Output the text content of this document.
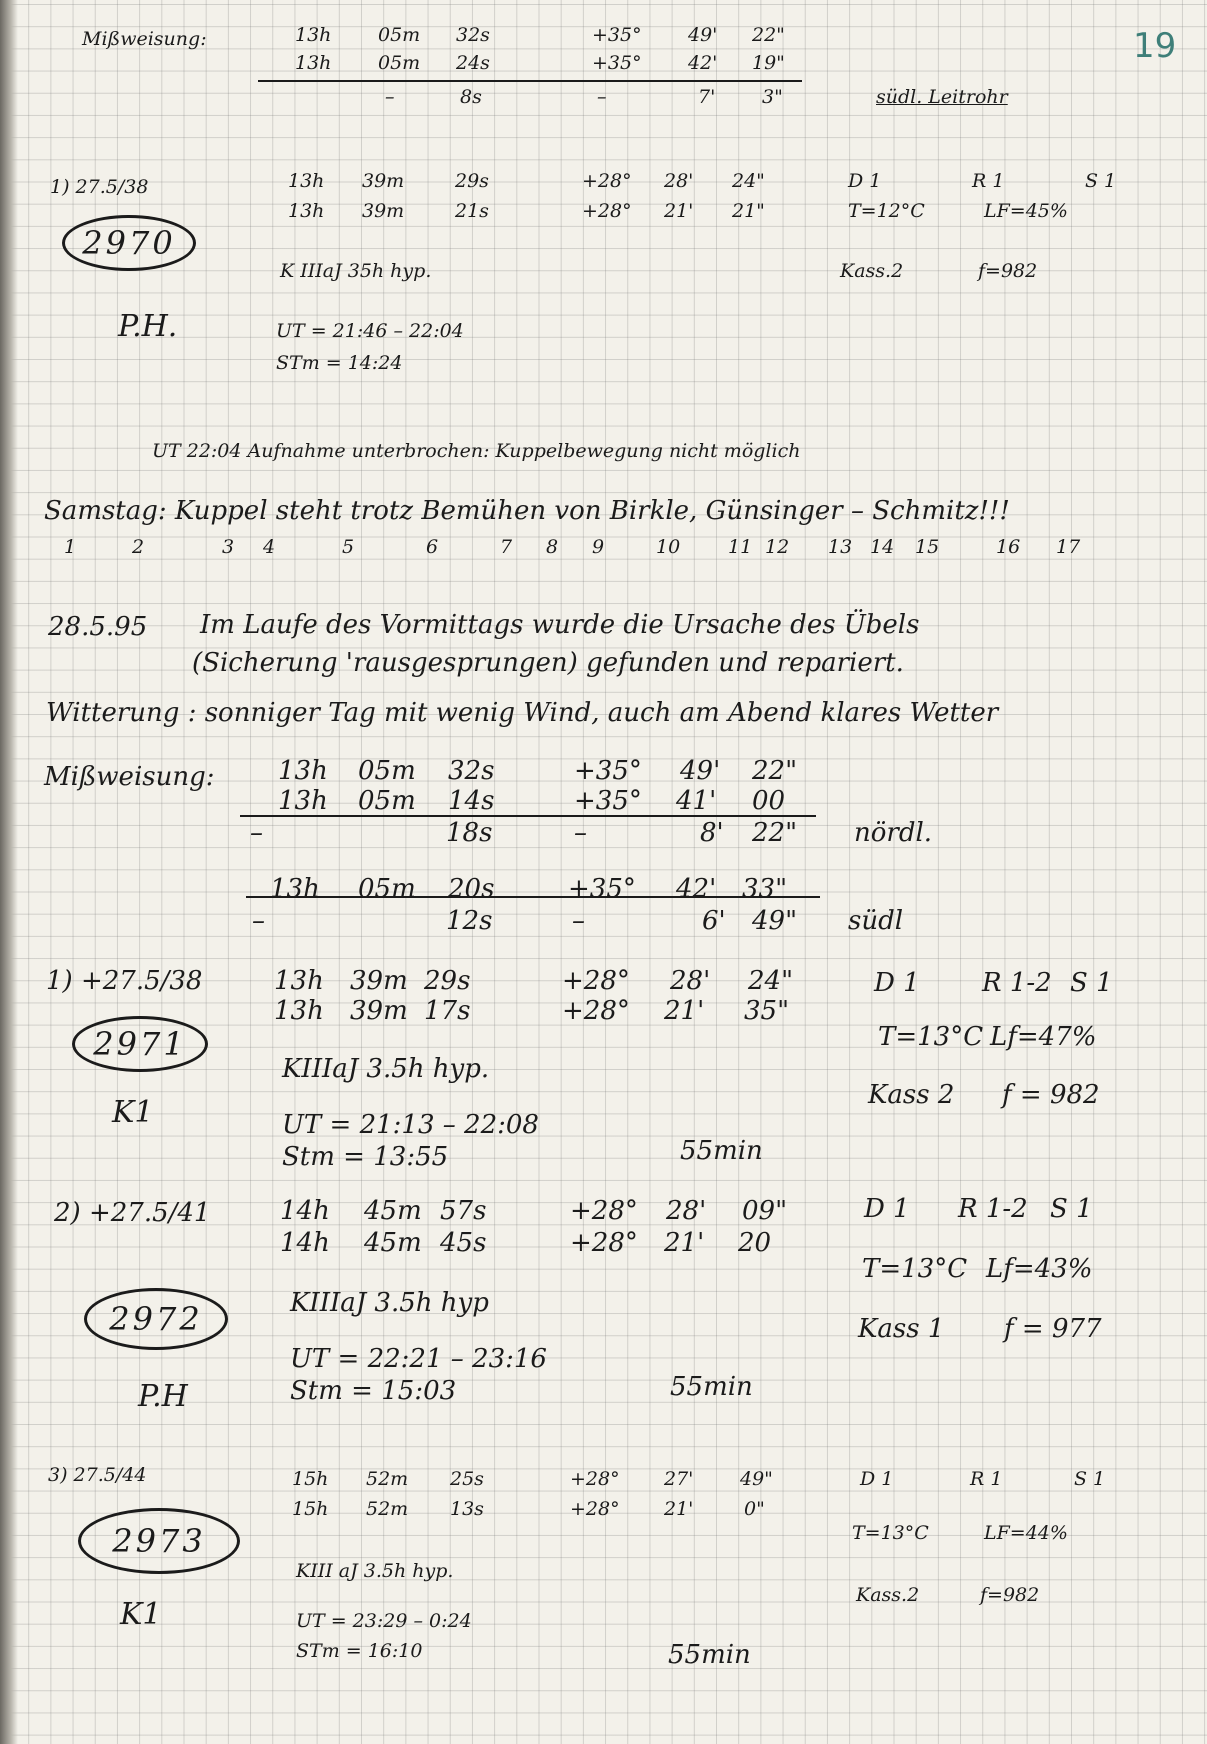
19
Mißweisung:	13h 05m 32s	+35° 49' 22"
13h 05m 24s	+35° 42' 19"
–	8s	–	7' 3"	südl. Leitrohr
1) 27.5/38
2970
P.H.
13h 39m	29s	+28° 28' 24"
13h 39m	21s	+28° 21' 21"
D 1	R 1	S 1
T=12°C	LF=45%
K IIIaJ 35h hyp.	Kass.2	f=982
UT = 21:46 – 22:04
STm = 14:24
UT 22:04 Aufnahme unterbrochen: Kuppelbewegung nicht möglich
Samstag: Kuppel steht trotz Bemühen von Birkle, Günsinger – Schmitz!!!
1	2	3 4	5	6	7 8 9	10	11 12 13 14 15	16 17
28.5.95 Im Laufe des Vormittags wurde die Ursache des Übels
(Sicherung 'rausgesprungen) gefunden und repariert.
Witterung : sonniger Tag mit wenig Wind, auch am Abend klares Wetter
Mißweisung: 13h 05m 32s	+35° 49' 22"
13h 05m 14s	+35° 41' 00
–	18s	–	8' 22" nördl.
13h 05m 20s	+35° 42' 33"
–	12s	–	6' 49" südl
1) +27.5/38
2971
K1
13h 39m 29s	+28° 28' 24"
13h 39m 17s	+28° 21' 35"
D 1 R 1-2 S 1
T=13°C Lf=47%
KIIIaJ 3.5h hyp.
Kass 2 f = 982
UT = 21:13 – 22:08
Stm = 13:55	55min
2) +27.5/41
2972
P.H
14h 45m 57s	+28° 28' 09"
14h 45m 45s	+28° 21' 20
D 1 R 1-2 S 1
T=13°C Lf=43%
KIIIaJ 3.5h hyp
Kass 1 f = 977
UT = 22:21 – 23:16
Stm = 15:03	55min
3) 27.5/44
2973
K1
15h 52m 25s	+28° 27' 49"
15h 52m 13s	+28° 21'	0"
D 1	R 1	S 1
T=13°C	LF=44%
KIII aJ 3.5h hyp.
Kass.2	f=982
UT = 23:29 – 0:24
STm = 16:10	55min
